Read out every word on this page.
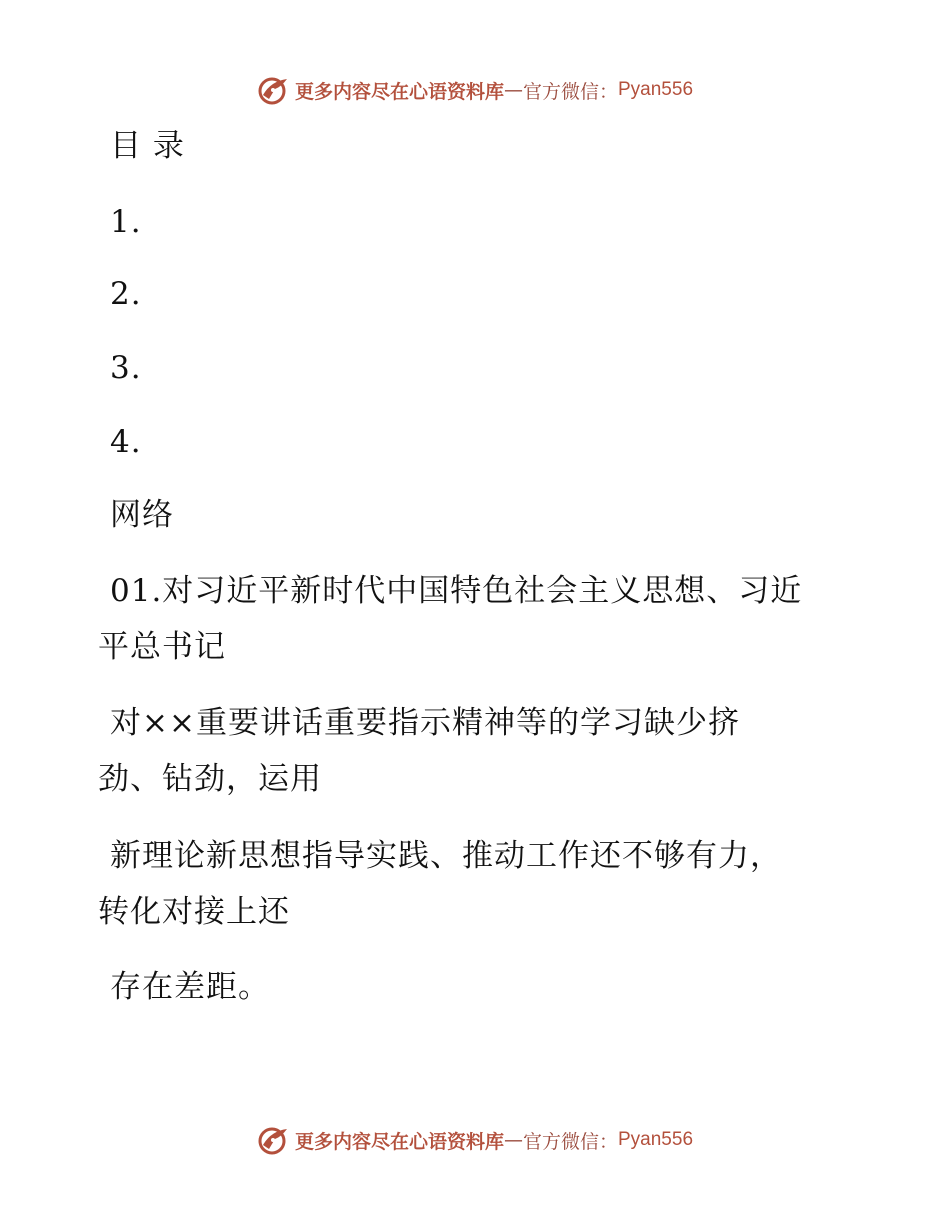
更多内容尽在心语资料库 — 官方微信： Pyan556
目 录
1.
2.
3.
4.
网络
01.对习近平新时代中国特色社会主义思想、习近
平总书记
对××重要讲话重要指示精神等的学习缺少挤
劲、钻劲，运用
新理论新思想指导实践、推动工作还不够有力，
转化对接上还
存在差距。
更多内容尽在心语资料库 — 官方微信： Pyan556
